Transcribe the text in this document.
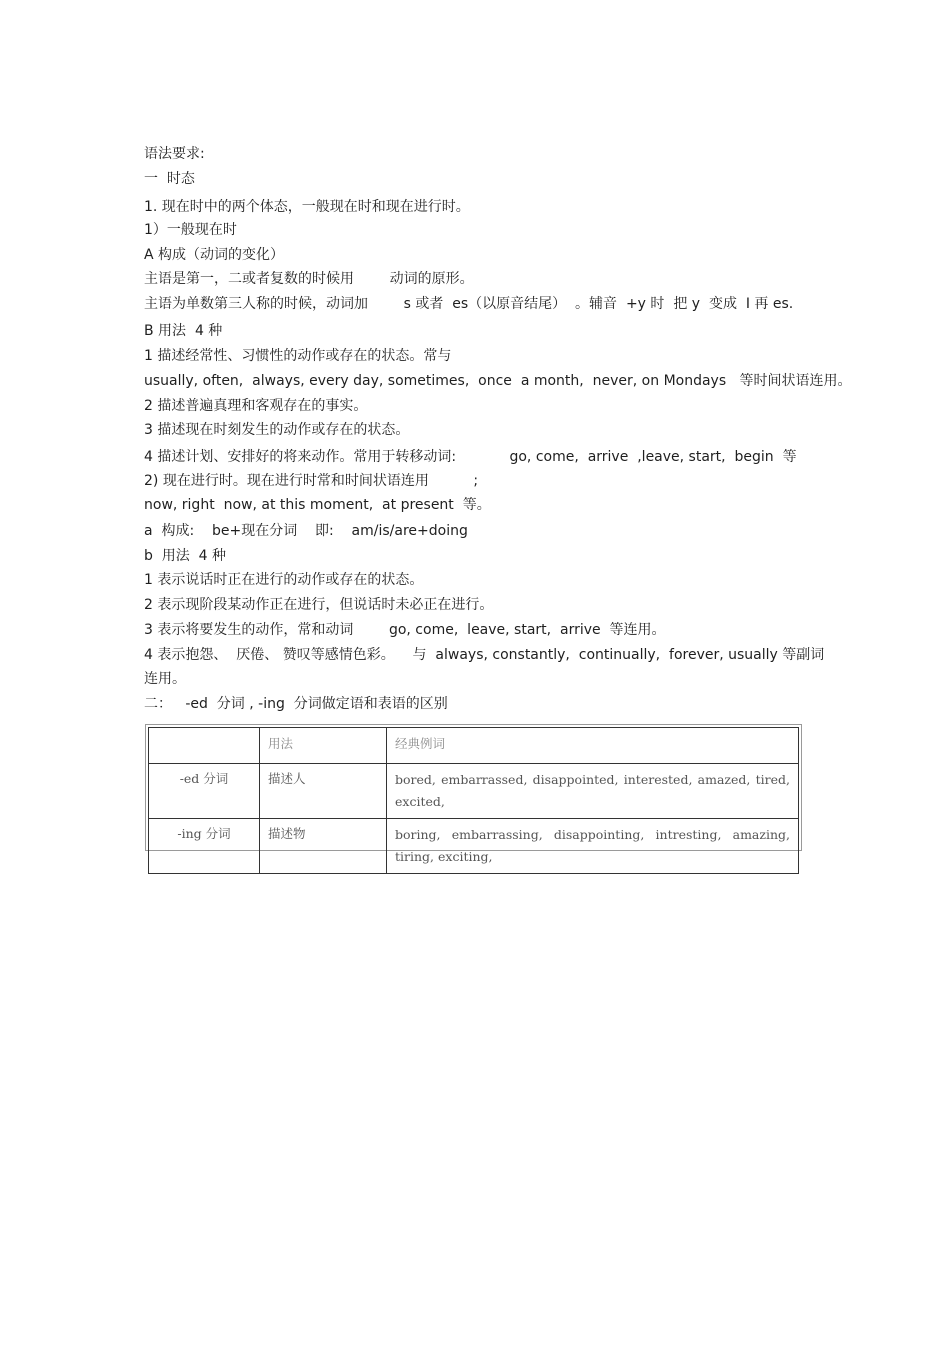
语法要求:
一  时态
1. 现在时中的两个体态，一般现在时和现在进行时。
1）一般现在时
A 构成（动词的变化）
主语是第一，二或者复数的时候用        动词的原形。
主语为单数第三人称的时候，动词加        s 或者  es（以原音结尾）  。辅音  +y 时  把 y  变成  I 再 es.
B 用法  4 种
1 描述经常性、习惯性的动作或存在的状态。常与
usually, often,  always, every day, sometimes,  once  a month,  never, on Mondays   等时间状语连用。
2 描述普遍真理和客观存在的事实。
3 描述现在时刻发生的动作或存在的状态。
4 描述计划、安排好的将来动作。常用于转移动词:            go, come,  arrive  ,leave, start,  begin  等
2) 现在进行时。现在进行时常和时间状语连用          ;
now, right  now, at this moment,  at present  等。
a  构成:    be+现在分词    即:    am/is/are+doing
b  用法  4 种
1 表示说话时正在进行的动作或存在的状态。
2 表示现阶段某动作正在进行，但说话时未必正在进行。
3 表示将要发生的动作，常和动词        go, come,  leave, start,  arrive  等连用。
4 表示抱怨、  厌倦、 赞叹等感情色彩。    与  always, constantly,  continually,  forever, usually 等副词
连用。
二：   -ed  分词 , -ing  分词做定语和表语的区别
	用法	经典例词
-ed 分词	描述人	bored, embarrassed, disappointed, interested, amazed, tired, excited,
-ing 分词	描述物	boring, embarrassing, disappointing, intresting, amazing, tiring, exciting,
